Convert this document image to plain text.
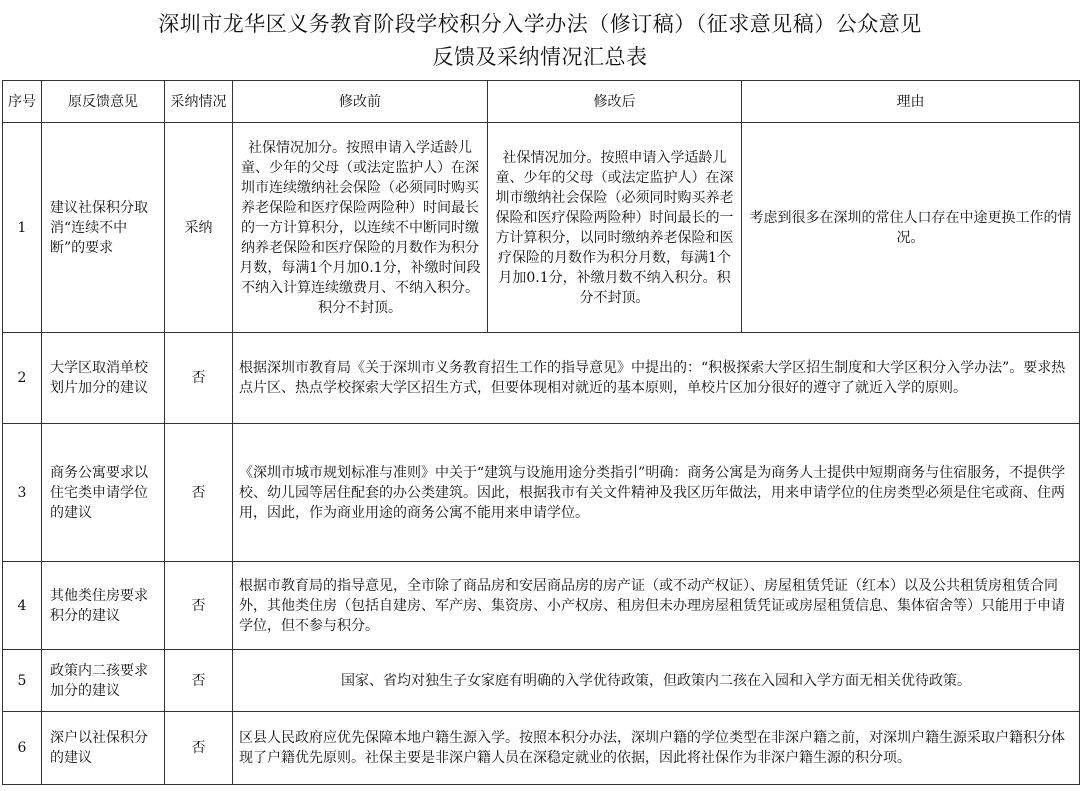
深圳市龙华区义务教育阶段学校积分入学办法（修订稿）（征求意见稿）公众意见
反馈及采纳情况汇总表
序号	原反馈意见	采纳情况	修改前	修改后	理由
1	建议社保积分取消“连续不中断”的要求	采纳	社保情况加分。按照申请入学适龄儿童、少年的父母（或法定监护人）在深圳市连续缴纳社会保险（必须同时购买养老保险和医疗保险两险种）时间最长的一方计算积分，以连续不中断同时缴纳养老保险和医疗保险的月数作为积分月数，每满1个月加0.1分，补缴时间段不纳入计算连续缴费月、不纳入积分。积分不封顶。	社保情况加分。按照申请入学适龄儿童、少年的父母（或法定监护人）在深圳市缴纳社会保险（必须同时购买养老保险和医疗保险两险种）时间最长的一方计算积分，以同时缴纳养老保险和医疗保险的月数作为积分月数，每满1个月加0.1分，补缴月数不纳入积分。积分不封顶。	考虑到很多在深圳的常住人口存在中途更换工作的情况。
2	大学区取消单校划片加分的建议	否	根据深圳市教育局《关于深圳市义务教育招生工作的指导意见》中提出的：“积极探索大学区招生制度和大学区积分入学办法”。要求热点片区、热点学校探索大学区招生方式，但要体现相对就近的基本原则，单校片区加分很好的遵守了就近入学的原则。		
3	商务公寓要求以住宅类申请学位的建议	否	《深圳市城市规划标准与准则》中关于“建筑与设施用途分类指引”明确：商务公寓是为商务人士提供中短期商务与住宿服务，不提供学校、幼儿园等居住配套的办公类建筑。因此，根据我市有关文件精神及我区历年做法，用来申请学位的住房类型必须是住宅或商、住两用，因此，作为商业用途的商务公寓不能用来申请学位。		
4	其他类住房要求积分的建议	否	根据市教育局的指导意见，全市除了商品房和安居商品房的房产证（或不动产权证）、房屋租赁凭证（红本）以及公共租赁房租赁合同外，其他类住房（包括自建房、军产房、集资房、小产权房、租房但未办理房屋租赁凭证或房屋租赁信息、集体宿舍等）只能用于申请学位，但不参与积分。		
5	政策内二孩要求加分的建议	否	国家、省均对独生子女家庭有明确的入学优待政策，但政策内二孩在入园和入学方面无相关优待政策。		
6	深户以社保积分的建议	否	区县人民政府应优先保障本地户籍生源入学。按照本积分办法，深圳户籍的学位类型在非深户籍之前，对深圳户籍生源采取户籍积分体现了户籍优先原则。社保主要是非深户籍人员在深稳定就业的依据，因此将社保作为非深户籍生源的积分项。		
